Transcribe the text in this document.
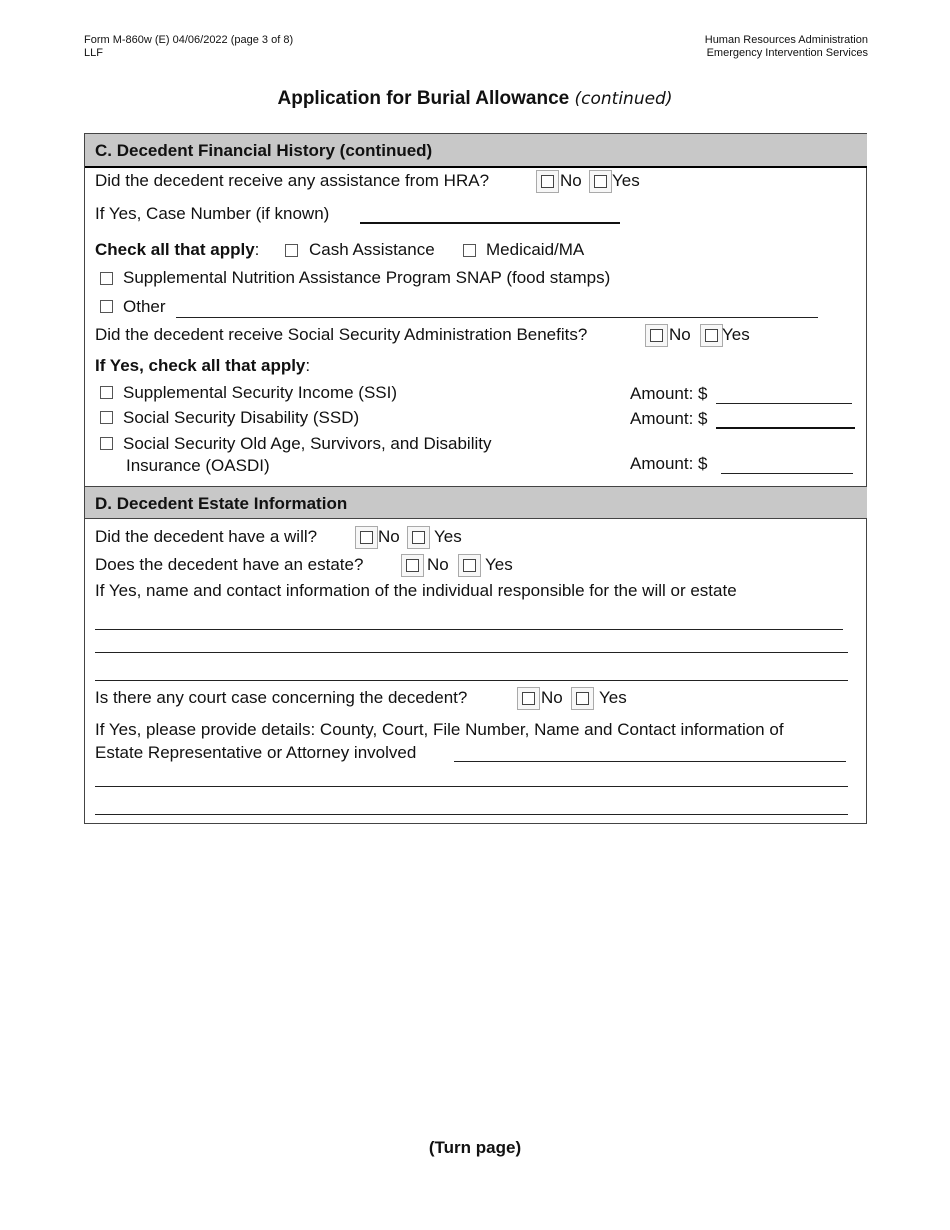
Form M-860w (E) 04/06/2022 (page 3 of 8)
LLF
Human Resources Administration
Emergency Intervention Services
Application for Burial Allowance (continued)
C. Decedent Financial History (continued)
Did the decedent receive any assistance from HRA?	No Yes
If Yes, Case Number (if known)
Check all that apply:	Cash Assistance	Medicaid/MA
Supplemental Nutrition Assistance Program SNAP (food stamps)
Other
Did the decedent receive Social Security Administration Benefits?	No Yes
If Yes, check all that apply:
Supplemental Security Income (SSI)	Amount: $
Social Security Disability (SSD)	Amount: $
Social Security Old Age, Survivors, and Disability
Insurance (OASDI)	Amount: $
D. Decedent Estate Information
Did the decedent have a will?	No Yes
Does the decedent have an estate?	No Yes
If Yes, name and contact information of the individual responsible for the will or estate
Is there any court case concerning the decedent?	No Yes
If Yes, please provide details: County, Court, File Number, Name and Contact information of
Estate Representative or Attorney involved
(Turn page)
